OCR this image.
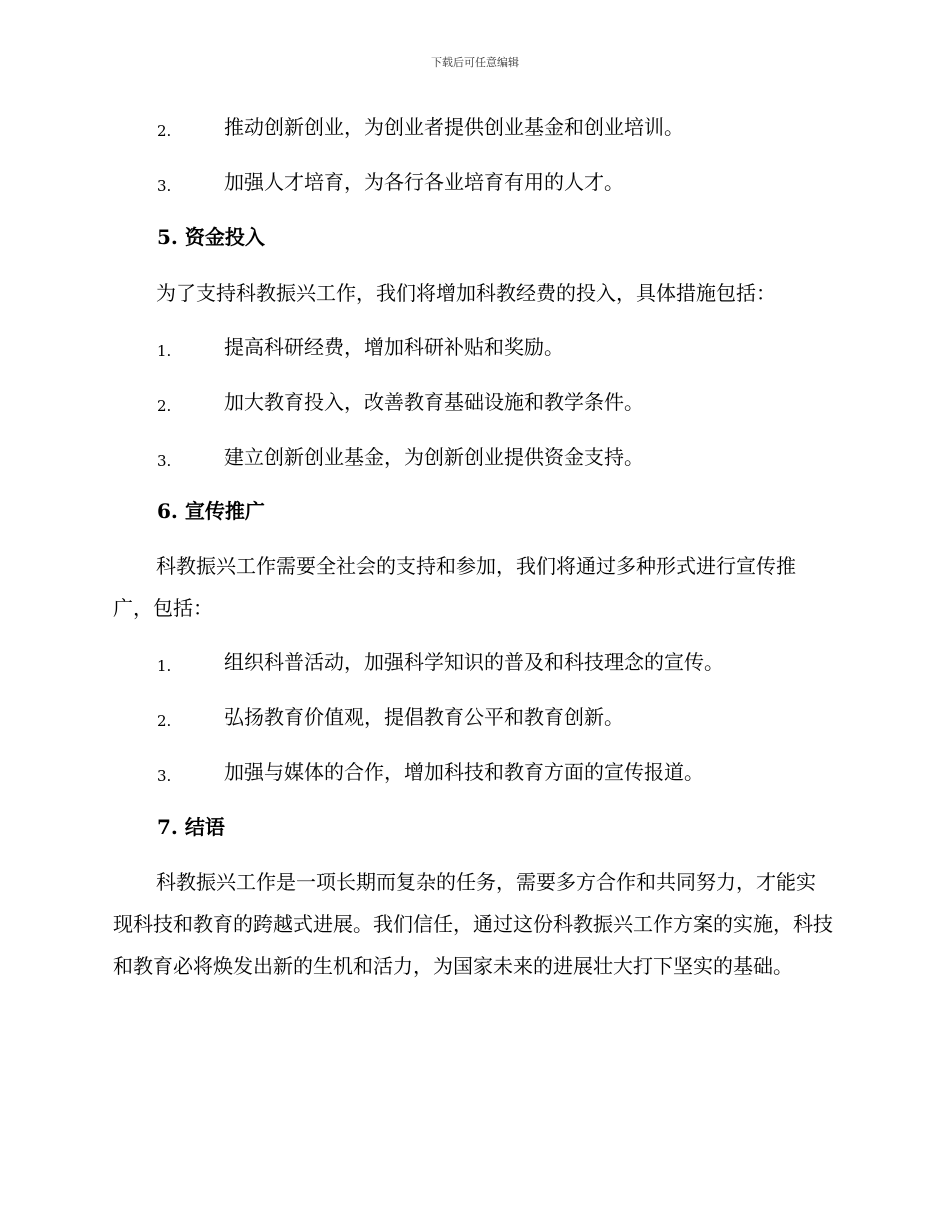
下载后可任意编辑
2.	推动创新创业，为创业者提供创业基金和创业培训。
3.	加强人才培育，为各行各业培育有用的人才。
5. 资金投入
为了支持科教振兴工作，我们将增加科教经费的投入，具体措施包括：
1.	提高科研经费，增加科研补贴和奖励。
2.	加大教育投入，改善教育基础设施和教学条件。
3.	建立创新创业基金，为创新创业提供资金支持。
6. 宣传推广
科教振兴工作需要全社会的支持和参加，我们将通过多种形式进行宣传推广，包括：
1.	组织科普活动，加强科学知识的普及和科技理念的宣传。
2.	弘扬教育价值观，提倡教育公平和教育创新。
3.	加强与媒体的合作，增加科技和教育方面的宣传报道。
7. 结语
科教振兴工作是一项长期而复杂的任务，需要多方合作和共同努力，才能实现科技和教育的跨越式进展。我们信任，通过这份科教振兴工作方案的实施，科技和教育必将焕发出新的生机和活力，为国家未来的进展壮大打下坚实的基础。
